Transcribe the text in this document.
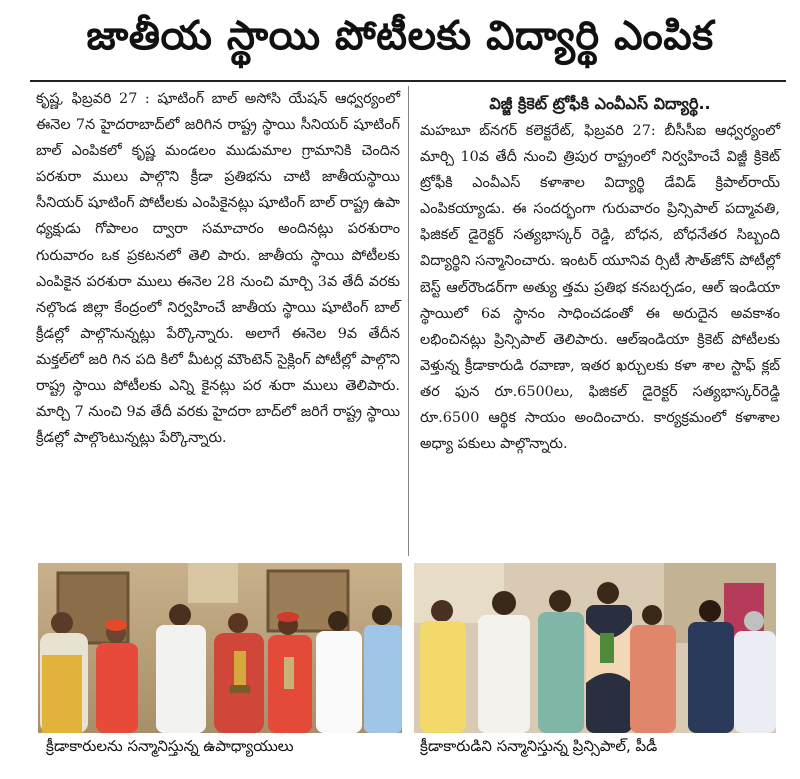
జాతీయ స్థాయి పోటీలకు విద్యార్థి ఎంపిక

కృష్ణ, ఫిబ్రవరి 27 : షూటింగ్ బాల్ అసోసి యేషన్ ఆధ్వర్యంలో ఈనెల 7న హైదరాబాద్‌లో జరిగిన రాష్ట్ర స్థాయి సీనియర్ షూటింగ్ బాల్ ఎంపికలో కృష్ణ మండలం ముడుమాల గ్రామానికి చెందిన పరశురా ములు పాల్గొని క్రీడా ప్రతిభను చాటి జాతీయస్థాయి సీనియర్ షూటింగ్ పోటీలకు ఎంపికైనట్లు షూటింగ్ బాల్ రాష్ట్ర ఉపా ధ్యక్షుడు గోపాలం ద్వారా సమాచారం అందినట్లు పరశురాం గురువారం ఒక ప్రకటనలో తెలి పారు. జాతీయ స్థాయి పోటీలకు ఎంపికైన పరశురా ములు ఈనెల 28 నుంచి మార్చి 3వ తేదీ వరకు నల్గొండ జిల్లా కేంద్రంలో నిర్వహించే జాతీయ స్థాయి షూటింగ్ బాల్ క్రీడల్లో పాల్గొనున్నట్లు పేర్కొన్నారు. అలాగే ఈనెల 9వ తేదీన మక్తల్‌లో జరి గిన పది కిలో మీటర్ల మౌంటెన్ సైక్లింగ్ పోటీల్లో పాల్గొని రాష్ట్ర స్థాయి పోటీలకు ఎన్ని కైనట్లు పర శురా ములు తెలిపారు. మార్చి 7 నుంచి 9వ తేదీ వరకు హైదరా బాద్‌లో జరిగే రాష్ట్ర స్థాయి క్రీడల్లో పాల్గొంటున్నట్లు పేర్కొన్నారు.

విజ్జీ క్రికెట్ ట్రోఫీకి ఎంవీఎస్ విద్యార్థి..

మహబూ బ్‌నగర్ కలెక్టరేట్, ఫిబ్రవరి 27: బీసీసీఐ ఆధ్వర్యంలో మార్చి 10వ తేదీ నుంచి త్రిపుర రాష్ట్రంలో నిర్వహించే విజ్జీ క్రికెట్ ట్రోఫీకి ఎంవీఎస్ కళాశాల విద్యార్థి డేవిడ్ క్రిపాల్‌రాయ్ ఎంపికయ్యాడు. ఈ సందర్భంగా గురువారం ప్రిన్సిపాల్ పద్మావతి, ఫిజికల్ డైరెక్టర్ సత్యభాస్కర్ రెడ్డి, బోధన, బోధనేతర సిబ్బంది విద్యార్థిని సన్మానించారు. ఇంటర్ యూనివ ర్సిటీ సౌత్‌జోన్ పోటీల్లో బెస్ట్ ఆల్‌రౌండర్‌గా అత్యు త్తమ ప్రతిభ కనబర్చడం, ఆల్ ఇండియా స్థాయిలో 6వ స్థానం సాధించడంతో ఈ అరుదైన అవకాశం లభించినట్లు ప్రిన్సిపాల్ తెలిపారు. ఆల్‌ఇండియా క్రికెట్ పోటీలకు వెళ్తున్న క్రీడాకారుడి రవాణా, ఇతర ఖర్చులకు కళా శాల స్టాఫ్ క్లబ్ తర ఫున రూ.6500లు, ఫిజికల్ డైరెక్టర్ సత్యభాస్కర్‌రెడ్డి రూ.6500 ఆర్థిక సాయం అందించారు. కార్యక్రమంలో కళాశాల అధ్యా పకులు పాల్గొన్నారు.

క్రీడాకారులను సన్మానిస్తున్న ఉపాధ్యాయులు	క్రీడాకారుడిని సన్మానిస్తున్న ప్రిన్సిపాల్, పీడీ
